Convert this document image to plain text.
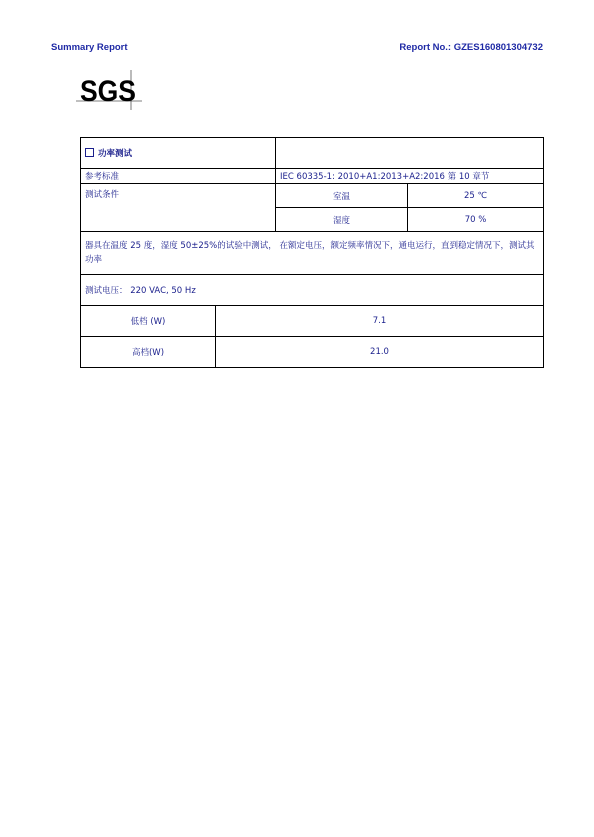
Summary Report	Report No.: GZES160801304732
SGS
功率测试			
参考标准		IEC 60335-1: 2010+A1:2013+A2:2016 第 10 章节	
测试条件		室温	25 ℃
		湿度	70 %
器具在温度 25 度，湿度 50±25%的试验中测试， 在额定电压，额定频率情况下，通电运行，直到稳定情况下，测试其功率			
测试电压： 220 VAC, 50 Hz			
低档 (W)	7.1		
高档(W)	21.0		
